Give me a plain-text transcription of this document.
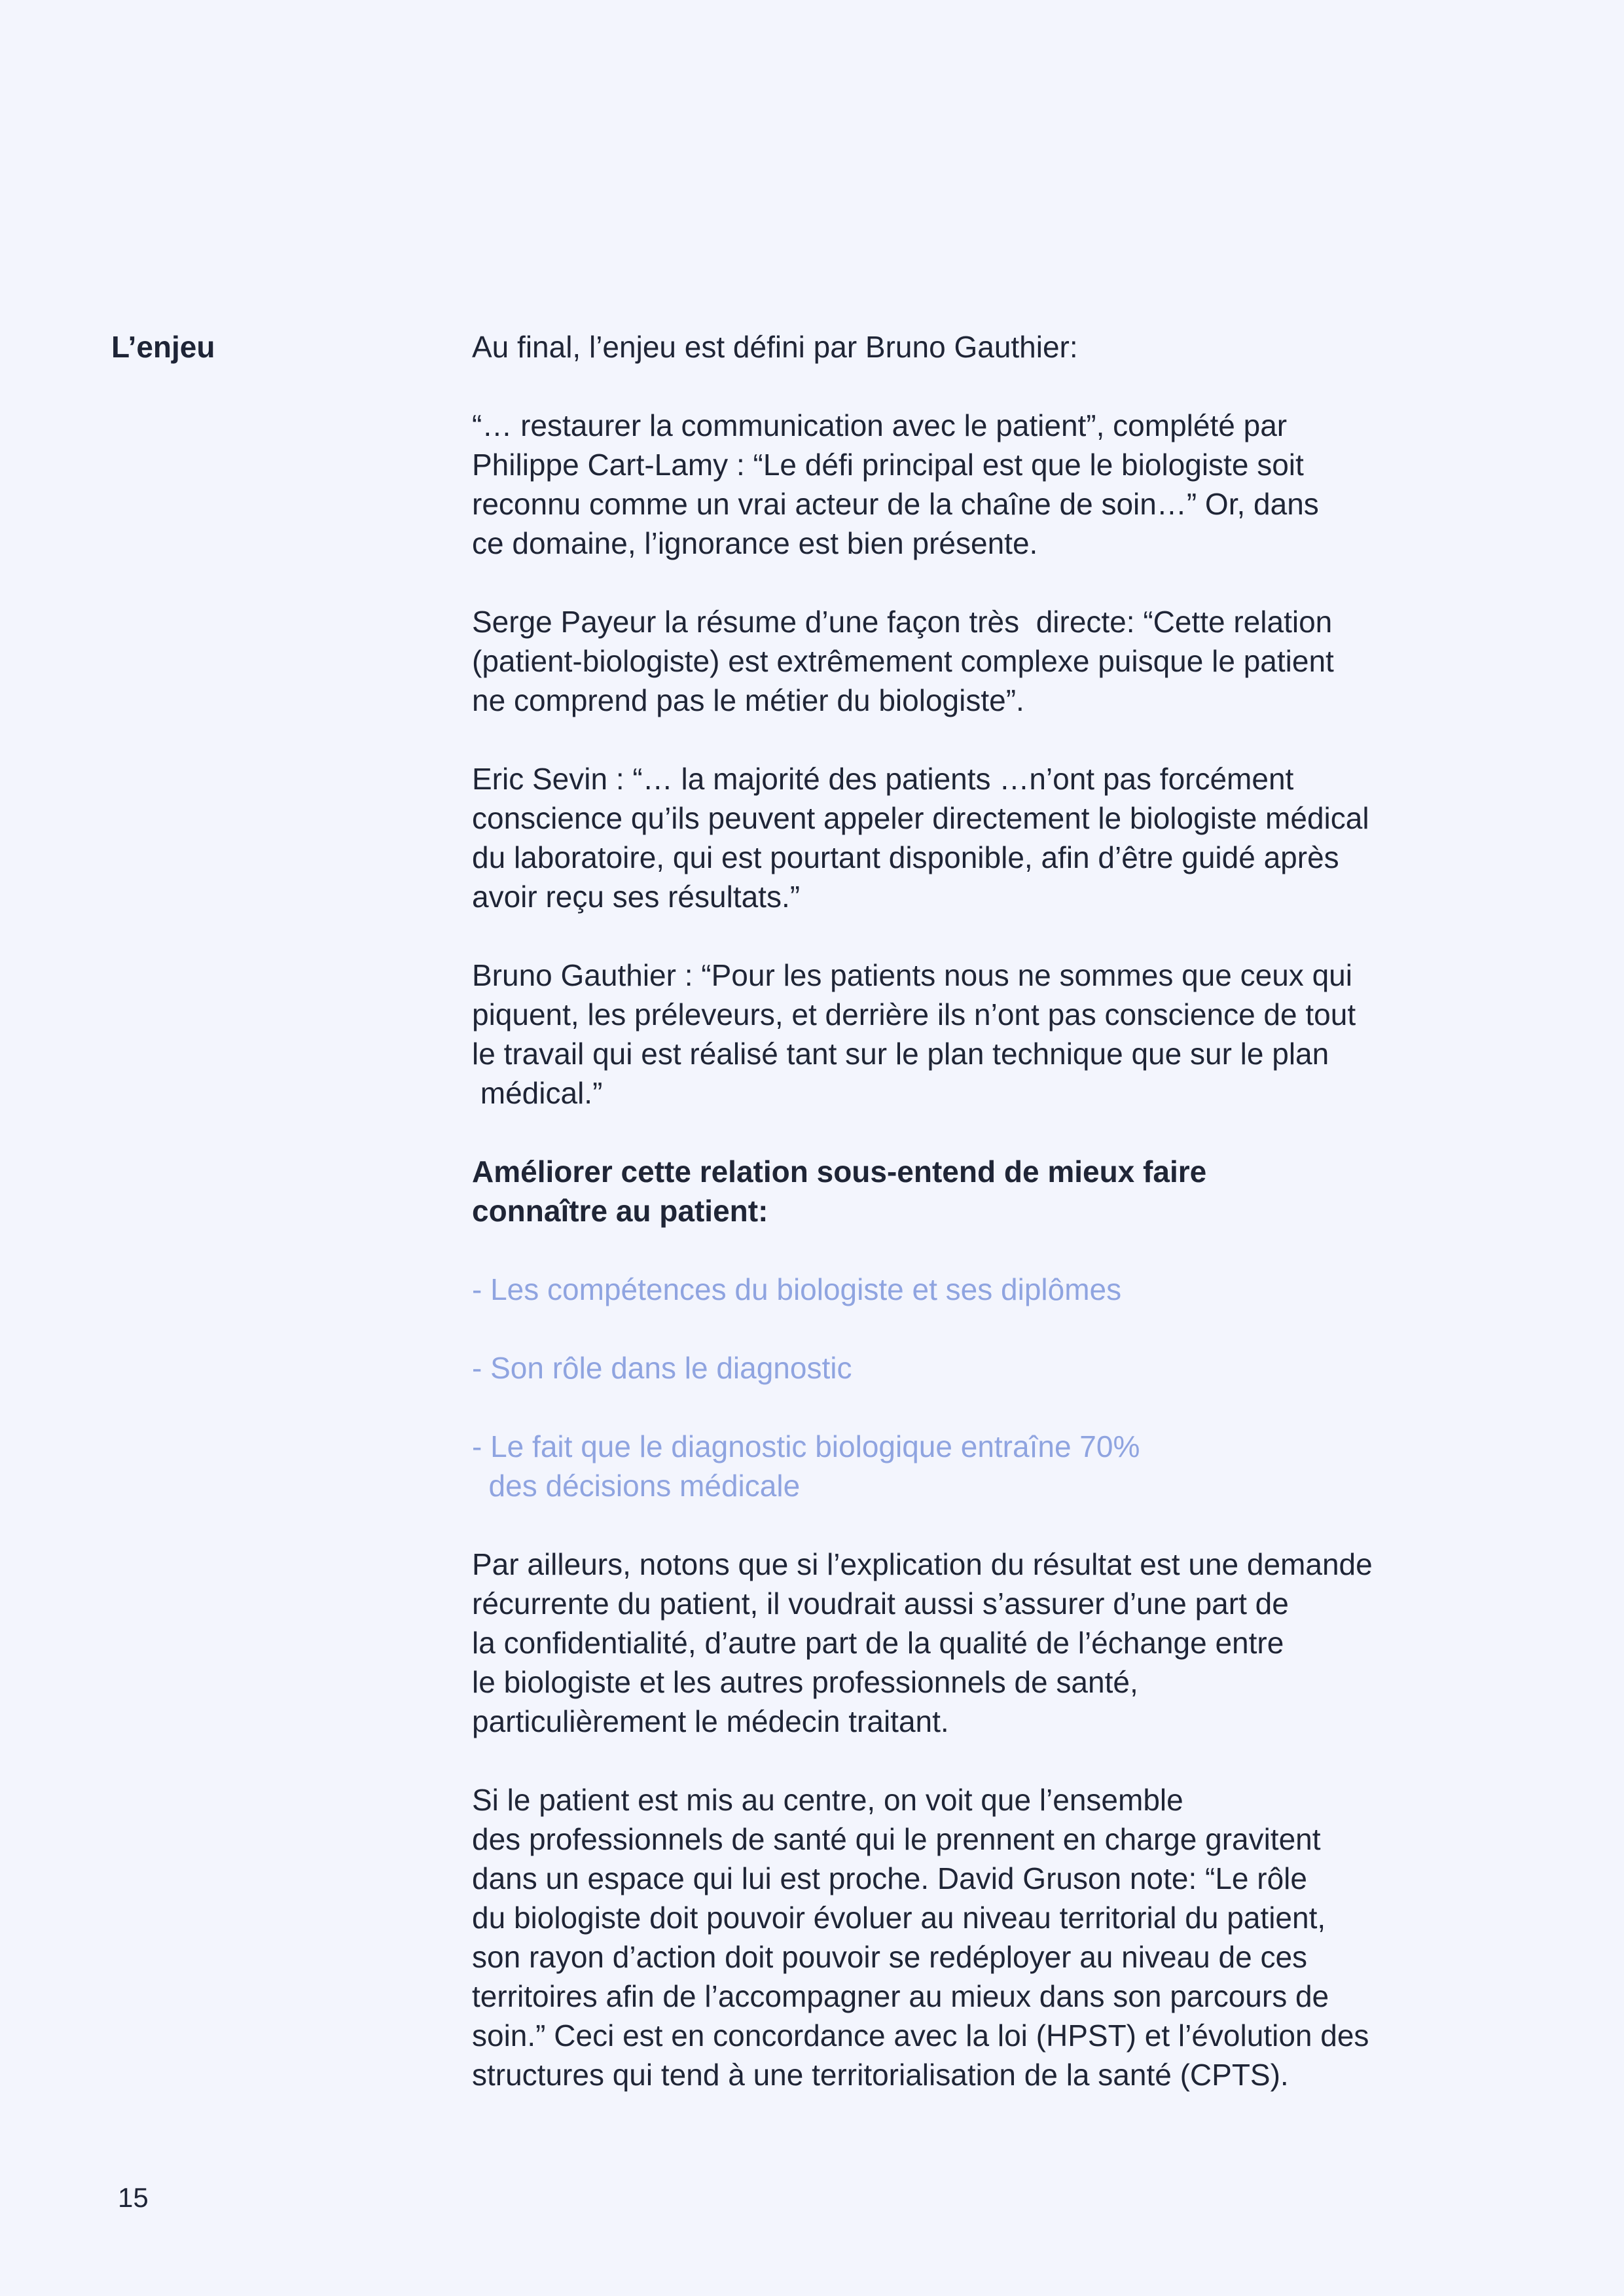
L’enjeu	Au final, l’enjeu est défini par Bruno Gauthier:
“… restaurer la communication avec le patient”, complété par
Philippe Cart-Lamy : “Le défi principal est que le biologiste soit
reconnu comme un vrai acteur de la chaîne de soin…” Or, dans
ce domaine, l’ignorance est bien présente.
Serge Payeur la résume d’une façon très  directe: “Cette relation
(patient-biologiste) est extrêmement complexe puisque le patient
ne comprend pas le métier du biologiste”.
Eric Sevin : “… la majorité des patients …n’ont pas forcément
conscience qu’ils peuvent appeler directement le biologiste médical
du laboratoire, qui est pourtant disponible, afin d’être guidé après
avoir reçu ses résultats.”
Bruno Gauthier : “Pour les patients nous ne sommes que ceux qui
piquent, les préleveurs, et derrière ils n’ont pas conscience de tout
le travail qui est réalisé tant sur le plan technique que sur le plan
médical.”
Améliorer cette relation sous-entend de mieux faire
connaître au patient:
- Les compétences du biologiste et ses diplômes
- Son rôle dans le diagnostic
- Le fait que le diagnostic biologique entraîne 70%
des décisions médicale
Par ailleurs, notons que si l’explication du résultat est une demande
récurrente du patient, il voudrait aussi s’assurer d’une part de
la confidentialité, d’autre part de la qualité de l’échange entre
le biologiste et les autres professionnels de santé,
particulièrement le médecin traitant.
Si le patient est mis au centre, on voit que l’ensemble
des professionnels de santé qui le prennent en charge gravitent
dans un espace qui lui est proche. David Gruson note: “Le rôle
du biologiste doit pouvoir évoluer au niveau territorial du patient,
son rayon d’action doit pouvoir se redéployer au niveau de ces
territoires afin de l’accompagner au mieux dans son parcours de
soin.” Ceci est en concordance avec la loi (HPST) et l’évolution des
structures qui tend à une territorialisation de la santé (CPTS).
15
